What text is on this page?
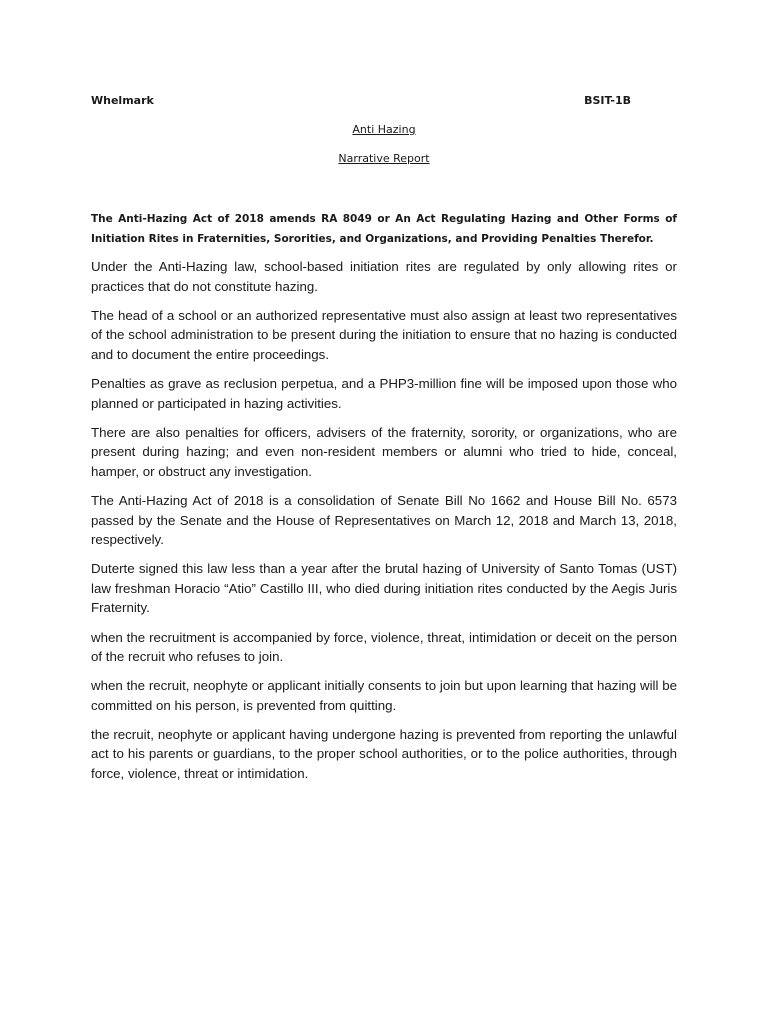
Whelmark	BSIT-1B
Anti Hazing
Narrative Report

The Anti-Hazing Act of 2018 amends RA 8049 or An Act Regulating Hazing and Other Forms of Initiation Rites in Fraternities, Sororities, and Organizations, and Providing Penalties Therefor.

Under the Anti-Hazing law, school-based initiation rites are regulated by only allowing rites or practices that do not constitute hazing.

The head of a school or an authorized representative must also assign at least two representatives of the school administration to be present during the initiation to ensure that no hazing is conducted and to document the entire proceedings.

Penalties as grave as reclusion perpetua, and a PHP3-million fine will be imposed upon those who planned or participated in hazing activities.

There are also penalties for officers, advisers of the fraternity, sorority, or organizations, who are present during hazing; and even non-resident members or alumni who tried to hide, conceal, hamper, or obstruct any investigation.

The Anti-Hazing Act of 2018 is a consolidation of Senate Bill No 1662 and House Bill No. 6573 passed by the Senate and the House of Representatives on March 12, 2018 and March 13, 2018, respectively.

Duterte signed this law less than a year after the brutal hazing of University of Santo Tomas (UST) law freshman Horacio “Atio” Castillo III, who died during initiation rites conducted by the Aegis Juris Fraternity.

when the recruitment is accompanied by force, violence, threat, intimidation or deceit on the person of the recruit who refuses to join.

when the recruit, neophyte or applicant initially consents to join but upon learning that hazing will be committed on his person, is prevented from quitting.

the recruit, neophyte or applicant having undergone hazing is prevented from reporting the unlawful act to his parents or guardians, to the proper school authorities, or to the police authorities, through force, violence, threat or intimidation.
